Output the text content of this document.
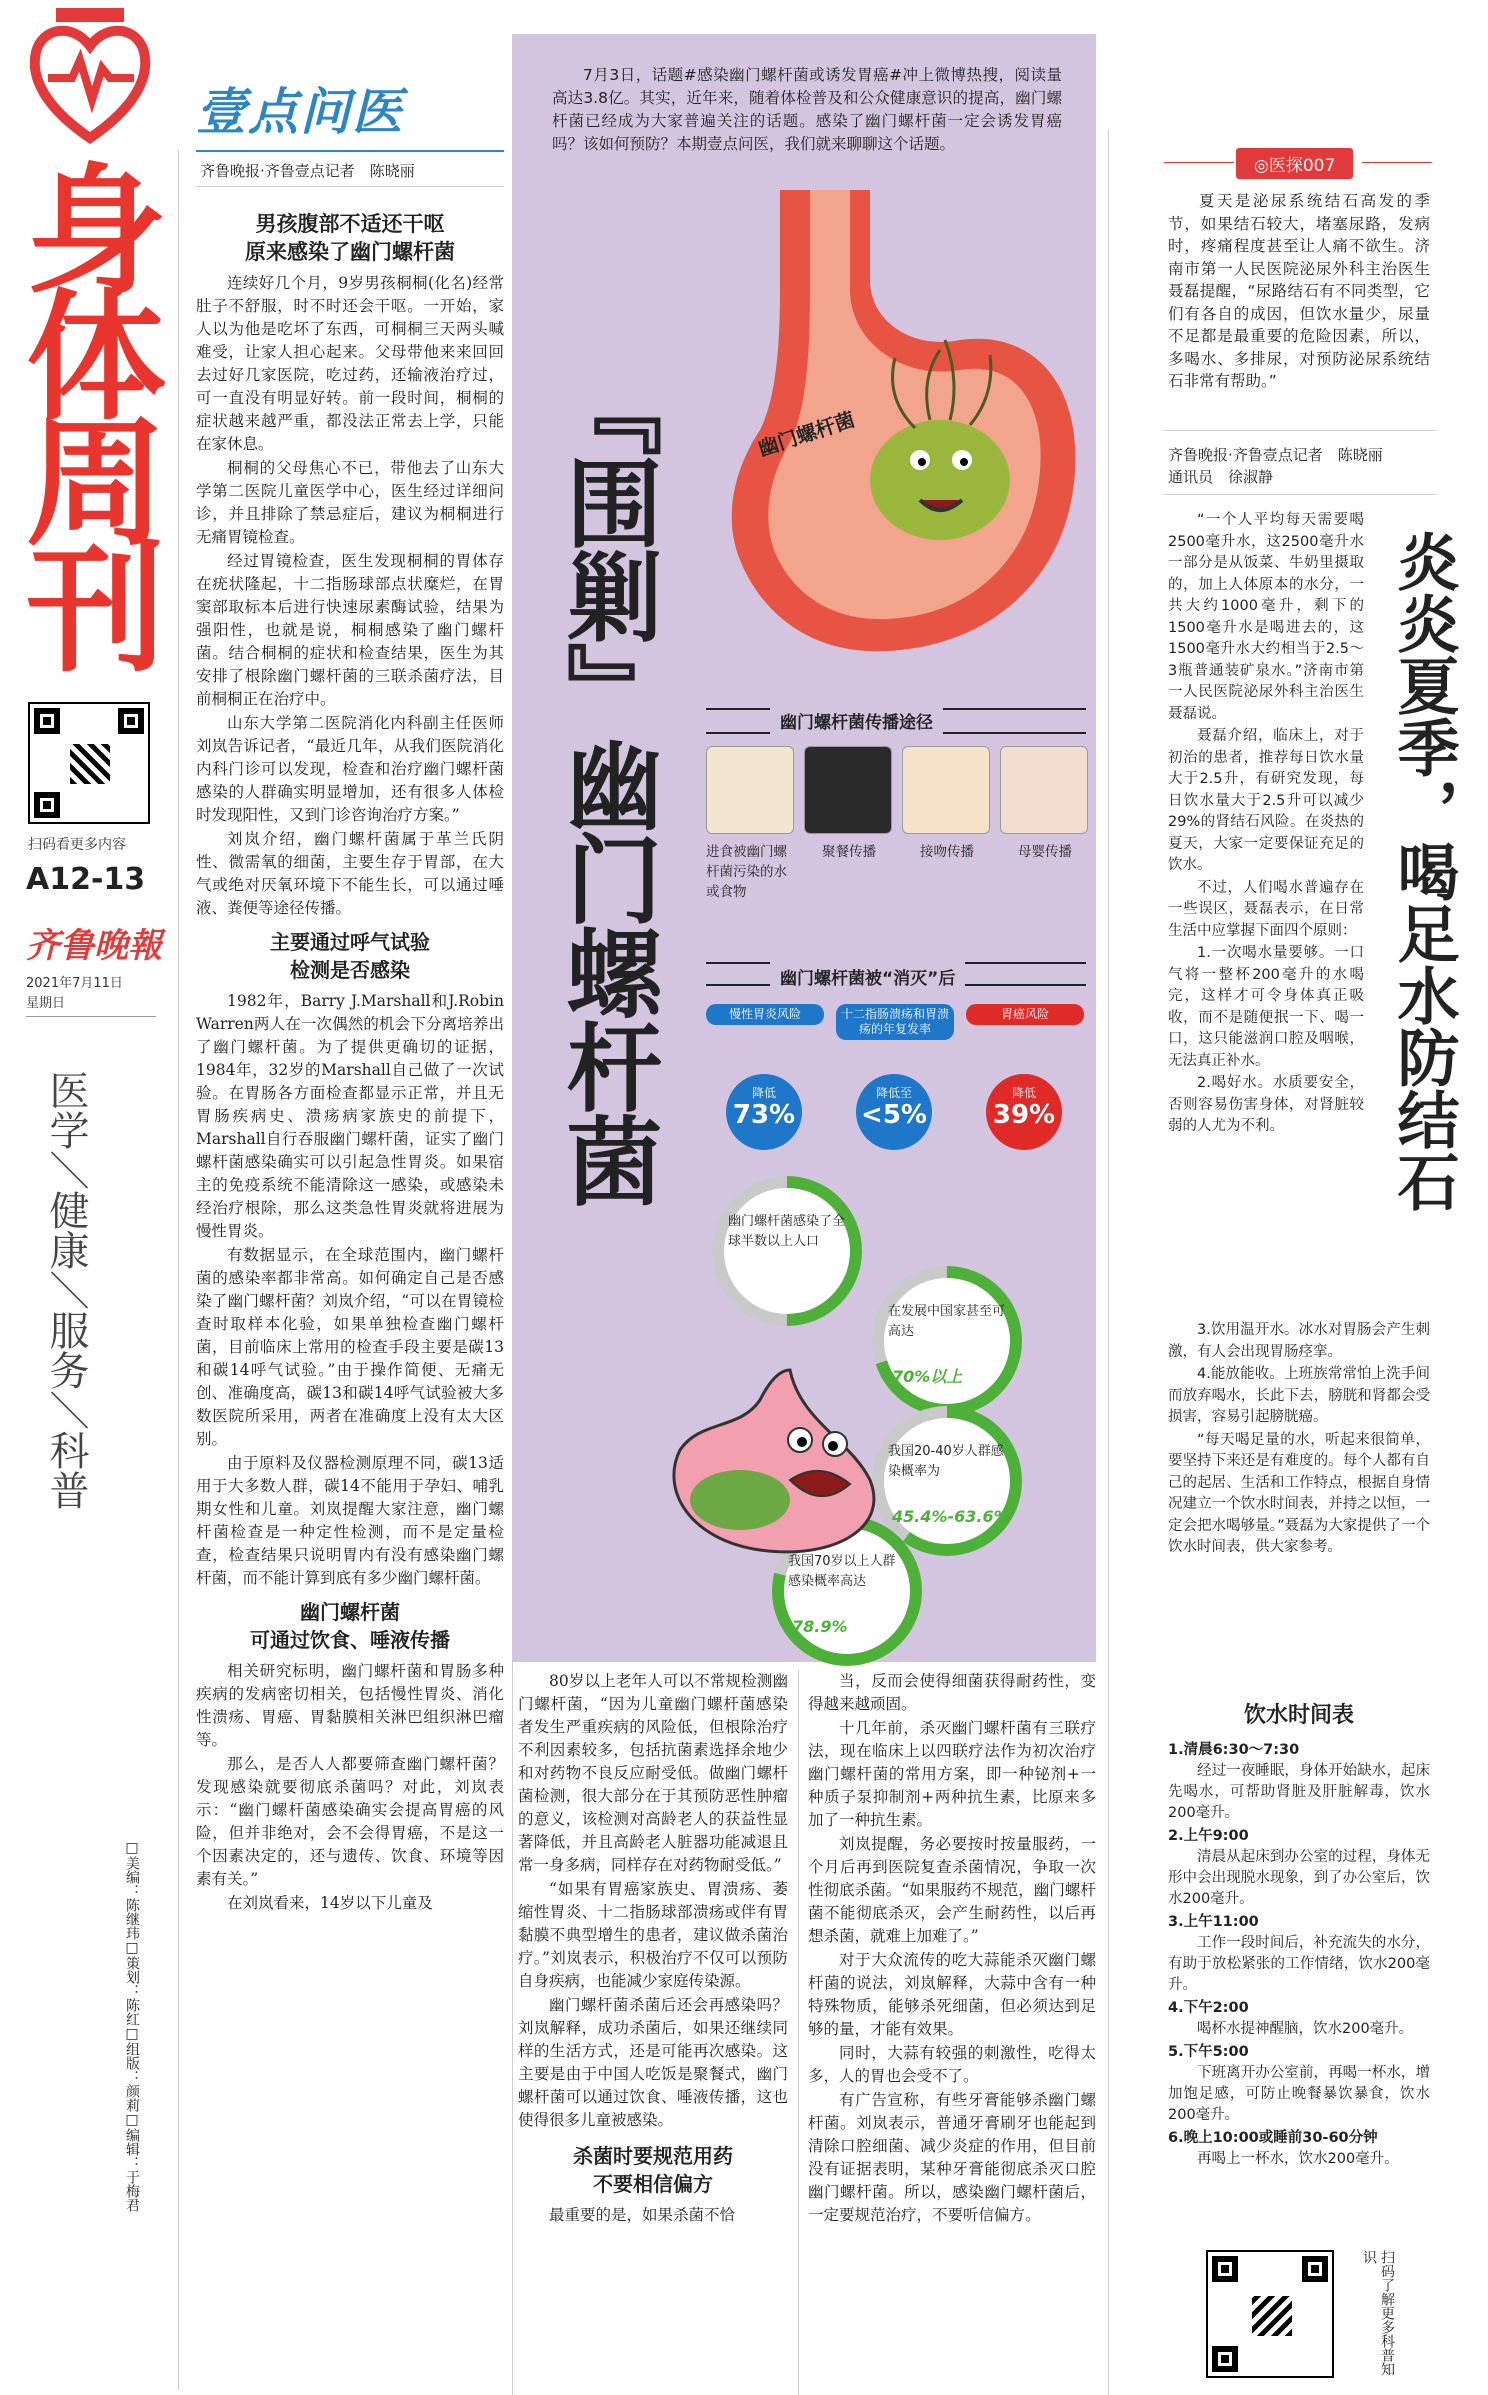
身
体
周
刊
扫码看更多内容
A12-13
齐鲁晚報
2021年7月11日
星期日
医学＼健康＼服务＼科普
壹点问医
齐鲁晚报·齐鲁壹点记者　陈晓丽
男孩腹部不适还干呕
原来感染了幽门螺杆菌

连续好几个月，9岁男孩桐桐(化名)经常肚子不舒服，时不时还会干呕。一开始，家人以为他是吃坏了东西，可桐桐三天两头喊难受，让家人担心起来。父母带他来来回回去过好几家医院，吃过药，还输液治疗过，可一直没有明显好转。前一段时间，桐桐的症状越来越严重，都没法正常去上学，只能在家休息。

桐桐的父母焦心不已，带他去了山东大学第二医院儿童医学中心，医生经过详细问诊，并且排除了禁忌症后，建议为桐桐进行无痛胃镜检查。

经过胃镜检查，医生发现桐桐的胃体存在疣状隆起，十二指肠球部点状糜烂，在胃窦部取标本后进行快速尿素酶试验，结果为强阳性，也就是说，桐桐感染了幽门螺杆菌。结合桐桐的症状和检查结果，医生为其安排了根除幽门螺杆菌的三联杀菌疗法，目前桐桐正在治疗中。

山东大学第二医院消化内科副主任医师刘岚告诉记者，“最近几年，从我们医院消化内科门诊可以发现，检查和治疗幽门螺杆菌感染的人群确实明显增加，还有很多人体检时发现阳性，又到门诊咨询治疗方案。”

刘岚介绍，幽门螺杆菌属于革兰氏阴性、微需氧的细菌，主要生存于胃部，在大气或绝对厌氧环境下不能生长，可以通过唾液、粪便等途径传播。

主要通过呼气试验
检测是否感染

1982年，Barry J.Marshall和J.Robin Warren两人在一次偶然的机会下分离培养出了幽门螺杆菌。为了提供更确切的证据，1984年，32岁的Marshall自己做了一次试验。在胃肠各方面检查都显示正常，并且无胃肠疾病史、溃疡病家族史的前提下，Marshall自行吞服幽门螺杆菌，证实了幽门螺杆菌感染确实可以引起急性胃炎。如果宿主的免疫系统不能清除这一感染，或感染未经治疗根除，那么这类急性胃炎就将进展为慢性胃炎。

有数据显示，在全球范围内，幽门螺杆菌的感染率都非常高。如何确定自己是否感染了幽门螺杆菌？刘岚介绍，“可以在胃镜检查时取样本化验，如果单独检查幽门螺杆菌，目前临床上常用的检查手段主要是碳13和碳14呼气试验。”由于操作简便、无痛无创、准确度高，碳13和碳14呼气试验被大多数医院所采用，两者在准确度上没有太大区别。

由于原料及仪器检测原理不同，碳13适用于大多数人群，碳14不能用于孕妇、哺乳期女性和儿童。刘岚提醒大家注意，幽门螺杆菌检查是一种定性检测，而不是定量检查，检查结果只说明胃内有没有感染幽门螺杆菌，而不能计算到底有多少幽门螺杆菌。

幽门螺杆菌
可通过饮食、唾液传播

相关研究标明，幽门螺杆菌和胃肠多种疾病的发病密切相关，包括慢性胃炎、消化性溃疡、胃癌、胃黏膜相关淋巴组织淋巴瘤等。

那么，是否人人都要筛查幽门螺杆菌？发现感染就要彻底杀菌吗？对此，刘岚表示：“幽门螺杆菌感染确实会提高胃癌的风险，但并非绝对，会不会得胃癌，不是这一个因素决定的，还与遗传、饮食、环境等因素有关。”

在刘岚看来，14岁以下儿童及

□美编：陈继玮□策划：陈红□组版：颜莉□编辑：于梅君
7月3日，话题#感染幽门螺杆菌或诱发胃癌#冲上微博热搜，阅读量高达3.8亿。其实，近年来，随着体检普及和公众健康意识的提高，幽门螺杆菌已经成为大家普遍关注的话题。感染了幽门螺杆菌一定会诱发胃癌吗？该如何预防？本期壹点问医，我们就来聊聊这个话题。
『围剿』幽门螺杆菌	幽门螺杆菌
幽门螺杆菌传播途径
进食被幽门螺杆菌污染的水或食物
聚餐传播	接吻传播	母婴传播
幽门螺杆菌被“消灭”后
慢性胃炎风险
降低
73%
十二指肠溃疡和胃溃疡的年复发率
降低至
<5%
胃癌风险
降低
39%
幽门螺杆菌感染了全球半数以上人口
在发展中国家甚至可高达
70%以上
我国20-40岁人群感染概率为
45.4%-63.6%
我国70岁以上人群感染概率高达
78.9%

80岁以上老年人可以不常规检测幽门螺杆菌，“因为儿童幽门螺杆菌感染者发生严重疾病的风险低，但根除治疗不利因素较多，包括抗菌素选择余地少和对药物不良反应耐受低。做幽门螺杆菌检测，很大部分在于其预防恶性肿瘤的意义，该检测对高龄老人的获益性显著降低，并且高龄老人脏器功能减退且常一身多病，同样存在对药物耐受低。”

“如果有胃癌家族史、胃溃疡、萎缩性胃炎、十二指肠球部溃疡或伴有胃黏膜不典型增生的患者，建议做杀菌治疗。”刘岚表示，积极治疗不仅可以预防自身疾病，也能减少家庭传染源。

幽门螺杆菌杀菌后还会再感染吗？刘岚解释，成功杀菌后，如果还继续同样的生活方式，还是可能再次感染。这主要是由于中国人吃饭是聚餐式，幽门螺杆菌可以通过饮食、唾液传播，这也使得很多儿童被感染。

杀菌时要规范用药
不要相信偏方

最重要的是，如果杀菌不恰

当，反而会使得细菌获得耐药性，变得越来越顽固。

十几年前，杀灭幽门螺杆菌有三联疗法，现在临床上以四联疗法作为初次治疗幽门螺杆菌的常用方案，即一种铋剂+一种质子泵抑制剂+两种抗生素，比原来多加了一种抗生素。

刘岚提醒，务必要按时按量服药，一个月后再到医院复查杀菌情况，争取一次性彻底杀菌。“如果服药不规范，幽门螺杆菌不能彻底杀灭，会产生耐药性，以后再想杀菌，就难上加难了。”

对于大众流传的吃大蒜能杀灭幽门螺杆菌的说法，刘岚解释，大蒜中含有一种特殊物质，能够杀死细菌，但必须达到足够的量，才能有效果。

同时，大蒜有较强的刺激性，吃得太多，人的胃也会受不了。

有广告宣称，有些牙膏能够杀幽门螺杆菌。刘岚表示，普通牙膏刷牙也能起到清除口腔细菌、减少炎症的作用，但目前没有证据表明，某种牙膏能彻底杀灭口腔幽门螺杆菌。所以，感染幽门螺杆菌后，一定要规范治疗，不要听信偏方。

◎医探007
夏天是泌尿系统结石高发的季节，如果结石较大，堵塞尿路，发病时，疼痛程度甚至让人痛不欲生。济南市第一人民医院泌尿外科主治医生聂磊提醒，“尿路结石有不同类型，它们有各自的成因，但饮水量少，尿量不足都是最重要的危险因素，所以，多喝水、多排尿，对预防泌尿系统结石非常有帮助。”
齐鲁晚报·齐鲁壹点记者　陈晓丽
通讯员　徐淑静
炎炎夏季，喝足水防结石

“一个人平均每天需要喝2500毫升水，这2500毫升水一部分是从饭菜、牛奶里摄取的，加上人体原本的水分，一共大约1000毫升，剩下的1500毫升水是喝进去的，这1500毫升水大约相当于2.5～3瓶普通装矿泉水。”济南市第一人民医院泌尿外科主治医生聂磊说。

聂磊介绍，临床上，对于初治的患者，推荐每日饮水量大于2.5升，有研究发现，每日饮水量大于2.5升可以减少29%的肾结石风险。在炎热的夏天，大家一定要保证充足的饮水。

不过，人们喝水普遍存在一些误区，聂磊表示，在日常生活中应掌握下面四个原则：

1.一次喝水量要够。一口气将一整杯200毫升的水喝完，这样才可令身体真正吸收，而不是随便抿一下、喝一口，这只能滋润口腔及咽喉，无法真正补水。

2.喝好水。水质要安全，否则容易伤害身体，对肾脏较弱的人尤为不利。

3.饮用温开水。冰水对胃肠会产生刺激，有人会出现胃肠痉挛。

4.能放能收。上班族常常怕上洗手间而放弃喝水，长此下去，膀胱和肾都会受损害，容易引起膀胱癌。

“每天喝足量的水，听起来很简单，要坚持下来还是有难度的。每个人都有自己的起居、生活和工作特点，根据自身情况建立一个饮水时间表，并持之以恒，一定会把水喝够量。”聂磊为大家提供了一个饮水时间表，供大家参考。

饮水时间表
1.清晨6:30～7:30
经过一夜睡眠，身体开始缺水，起床先喝水，可帮助肾脏及肝脏解毒，饮水200毫升。
2.上午9:00
清晨从起床到办公室的过程，身体无形中会出现脱水现象，到了办公室后，饮水200毫升。
3.上午11:00
工作一段时间后，补充流失的水分，有助于放松紧张的工作情绪，饮水200毫升。
4.下午2:00
喝杯水提神醒脑，饮水200毫升。
5.下午5:00
下班离开办公室前，再喝一杯水，增加饱足感，可防止晚餐暴饮暴食，饮水200毫升。
6.晚上10:00或睡前30-60分钟
再喝上一杯水，饮水200毫升。
扫码了解更多科普知识
